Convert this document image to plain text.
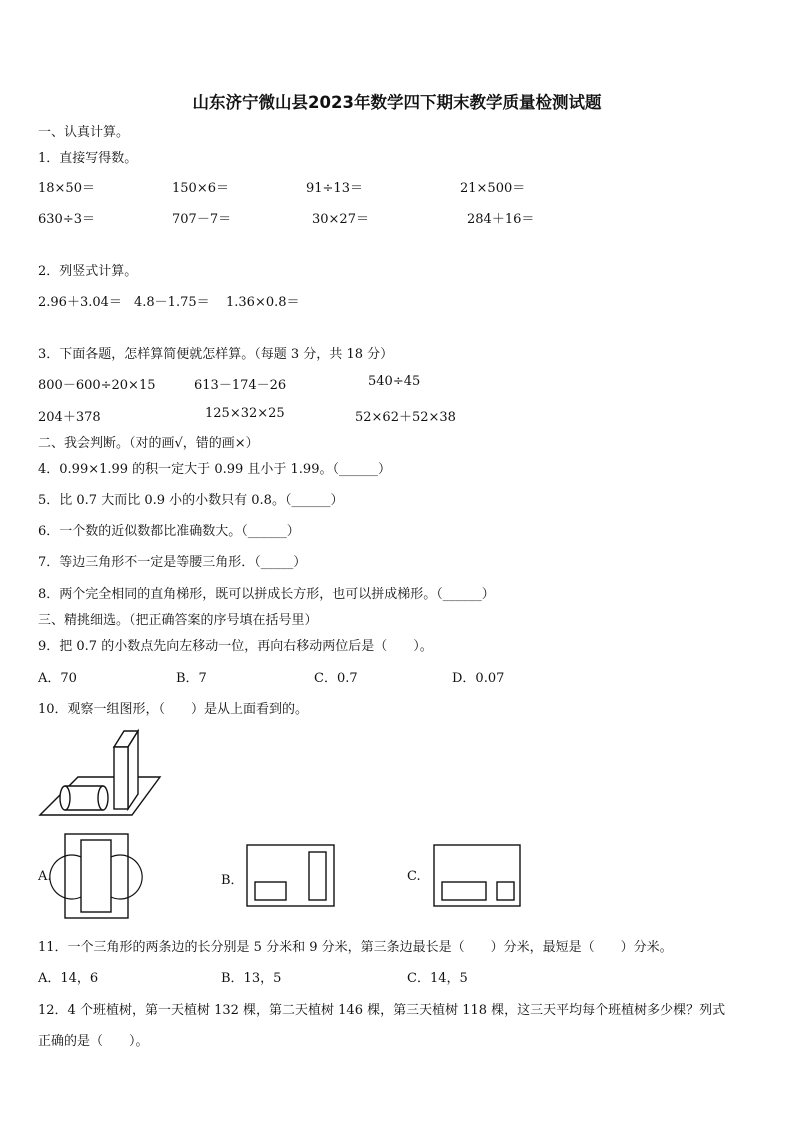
山东济宁微山县2023年数学四下期末教学质量检测试题
一、认真计算。
1．直接写得数。
18×50＝	150×6＝	91÷13＝	21×500＝
630÷3＝	707－7＝	30×27＝	284＋16＝
2．列竖式计算。
2.96＋3.04＝ 4.8－1.75＝ 1.36×0.8＝
3．下面各题，怎样算简便就怎样算。（每题 3 分，共 18 分）
800－600÷20×15	613－174－26	540÷45
204＋378	125×32×25	52×62＋52×38
二、我会判断。（对的画√，错的画×）
4．0.99×1.99 的积一定大于 0.99 且小于 1.99。（______）
5．比 0.7 大而比 0.9 小的小数只有 0.8。（______）
6．一个数的近似数都比准确数大。（______）
7．等边三角形不一定是等腰三角形．（_____）
8．两个完全相同的直角梯形，既可以拼成长方形，也可以拼成梯形。（______）
三、精挑细选。（把正确答案的序号填在括号里）
9．把 0.7 的小数点先向左移动一位，再向右移动两位后是（　　）。
A．70	B．7	C．0.7	D．0.07
10．观察一组图形，（　　）是从上面看到的。
A.	B．	C.
11．一个三角形的两条边的长分别是 5 分米和 9 分米，第三条边最长是（　　）分米，最短是（　　）分米。
A．14，6	B．13，5	C．14，5
12．4 个班植树，第一天植树 132 棵，第二天植树 146 棵，第三天植树 118 棵，这三天平均每个班植树多少棵？列式
正确的是（　　）。
